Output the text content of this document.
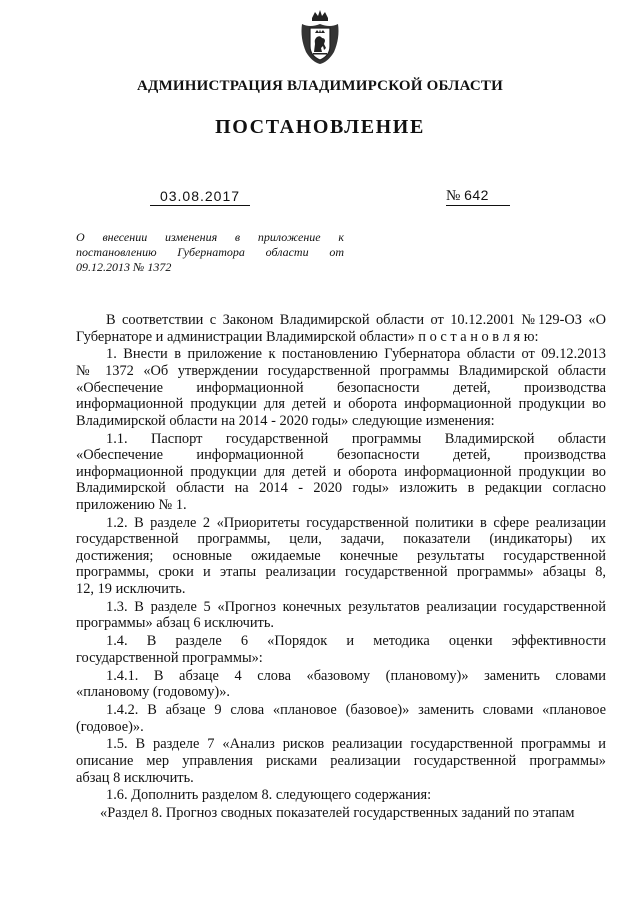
АДМИНИСТРАЦИЯ ВЛАДИМИРСКОЙ ОБЛАСТИ
ПОСТАНОВЛЕНИЕ
03.08.2017	№ 642
О внесении изменения в приложение к
постановлению Губернатора области от
09.12.2013 № 1372

В соответствии с Законом Владимирской области от 10.12.2001 №129-ОЗ «О
Губернаторе и администрации Владимирской области» п о с т а н о в л я ю:

1. Внести в приложение к постановлению Губернатора области от 09.12.2013
№ 1372 «Об утверждении государственной программы Владимирской области
«Обеспечение информационной безопасности детей, производства
информационной продукции для детей и оборота информационной продукции во
Владимирской области на 2014 - 2020 годы» следующие изменения:

1.1. Паспорт государственной программы Владимирской области
«Обеспечение информационной безопасности детей, производства
информационной продукции для детей и оборота информационной продукции во
Владимирской области на 2014 - 2020 годы» изложить в редакции согласно
приложению № 1.

1.2. В разделе 2 «Приоритеты государственной политики в сфере реализации
государственной программы, цели, задачи, показатели (индикаторы) их
достижения; основные ожидаемые конечные результаты государственной
программы, сроки и этапы реализации государственной программы» абзацы 8,
12, 19 исключить.

1.3. В разделе 5 «Прогноз конечных результатов реализации государственной
программы» абзац 6 исключить.

1.4. В разделе 6 «Порядок и методика оценки эффективности
государственной программы»:

1.4.1. В абзаце 4 слова «базовому (плановому)» заменить словами
«плановому (годовому)».

1.4.2. В абзаце 9 слова «плановое (базовое)» заменить словами «плановое
(годовое)».

1.5. В разделе 7 «Анализ рисков реализации государственной программы и
описание мер управления рисками реализации государственной программы»
абзац 8 исключить.

1.6. Дополнить разделом 8. следующего содержания:

«Раздел 8. Прогноз сводных показателей государственных заданий по этапам
